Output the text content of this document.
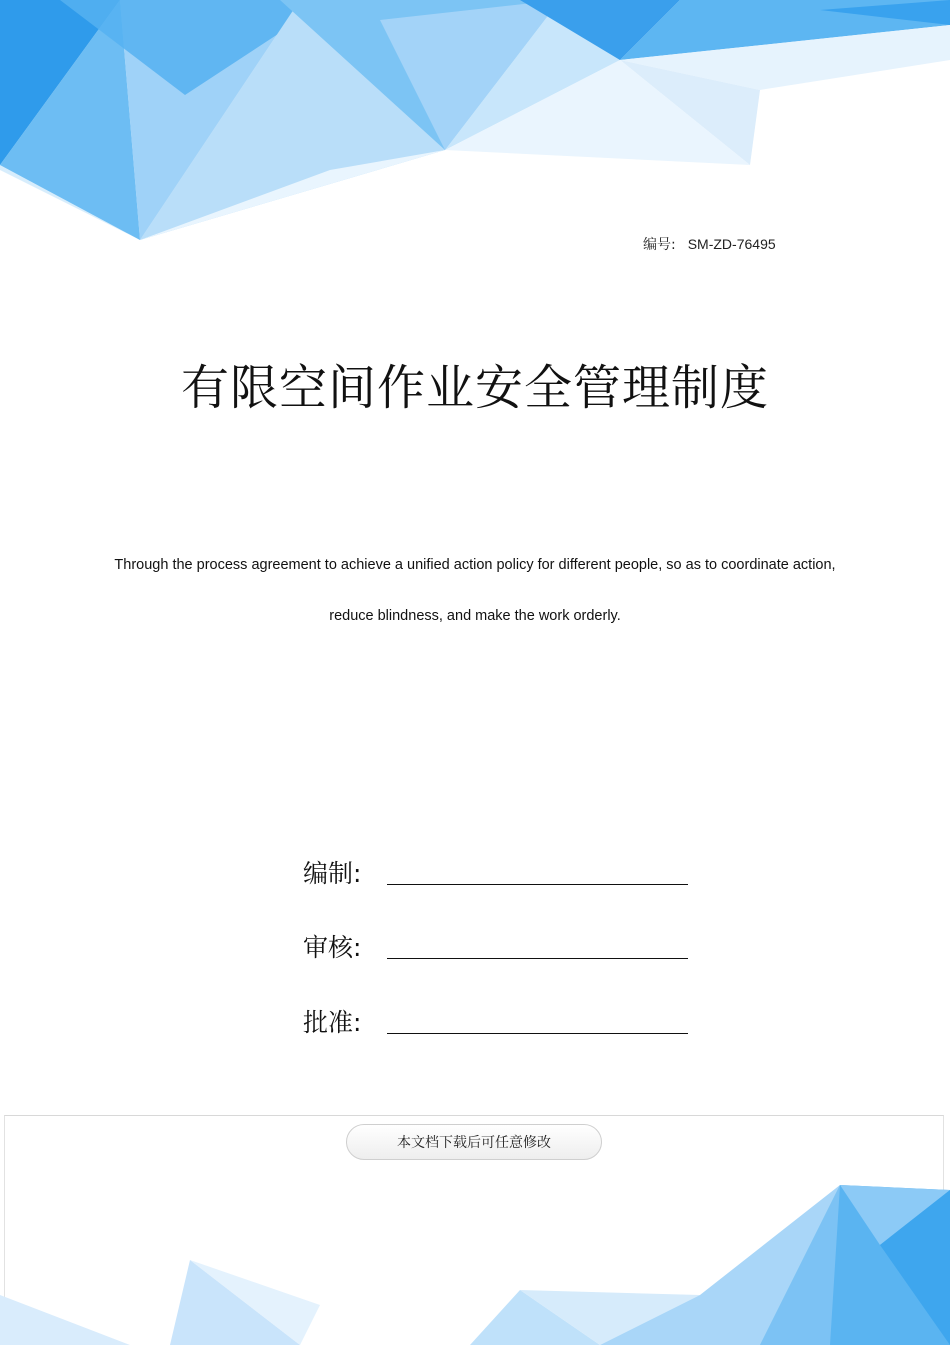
编号: SM-ZD-76495
有限空间作业安全管理制度
Through the process agreement to achieve a unified action policy for different people, so as to coordinate action, reduce blindness, and make the work orderly.
编制:
审核:
批准:
本文档下载后可任意修改
